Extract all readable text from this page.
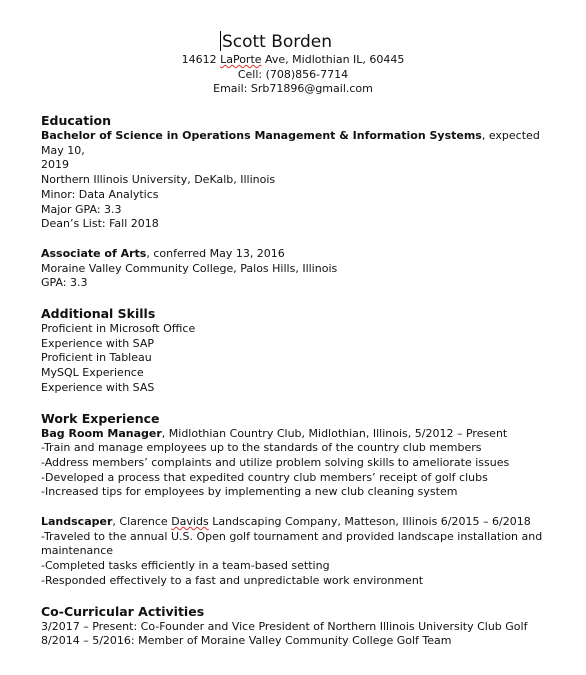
Scott Borden
14612 LaPorte Ave, Midlothian IL, 60445
Cell: (708)856-7714
Email: Srb71896@gmail.com
Education
Bachelor of Science in Operations Management & Information Systems, expected May 10,
2019
Northern Illinois University, DeKalb, Illinois
Minor: Data Analytics
Major GPA: 3.3
Dean’s List: Fall 2018
Associate of Arts, conferred May 13, 2016
Moraine Valley Community College, Palos Hills, Illinois
GPA: 3.3
Additional Skills
Proficient in Microsoft Office
Experience with SAP
Proficient in Tableau
MySQL Experience
Experience with SAS
Work Experience
Bag Room Manager, Midlothian Country Club, Midlothian, Illinois, 5/2012 – Present
-Train and manage employees up to the standards of the country club members
-Address members’ complaints and utilize problem solving skills to ameliorate issues
-Developed a process that expedited country club members’ receipt of golf clubs
-Increased tips for employees by implementing a new club cleaning system
Landscaper, Clarence Davids Landscaping Company, Matteson, Illinois 6/2015 – 6/2018
-Traveled to the annual U.S. Open golf tournament and provided landscape installation and
maintenance
-Completed tasks efficiently in a team-based setting
-Responded effectively to a fast and unpredictable work environment
Co-Curricular Activities
3/2017 – Present: Co-Founder and Vice President of Northern Illinois University Club Golf
8/2014 – 5/2016: Member of Moraine Valley Community College Golf Team
